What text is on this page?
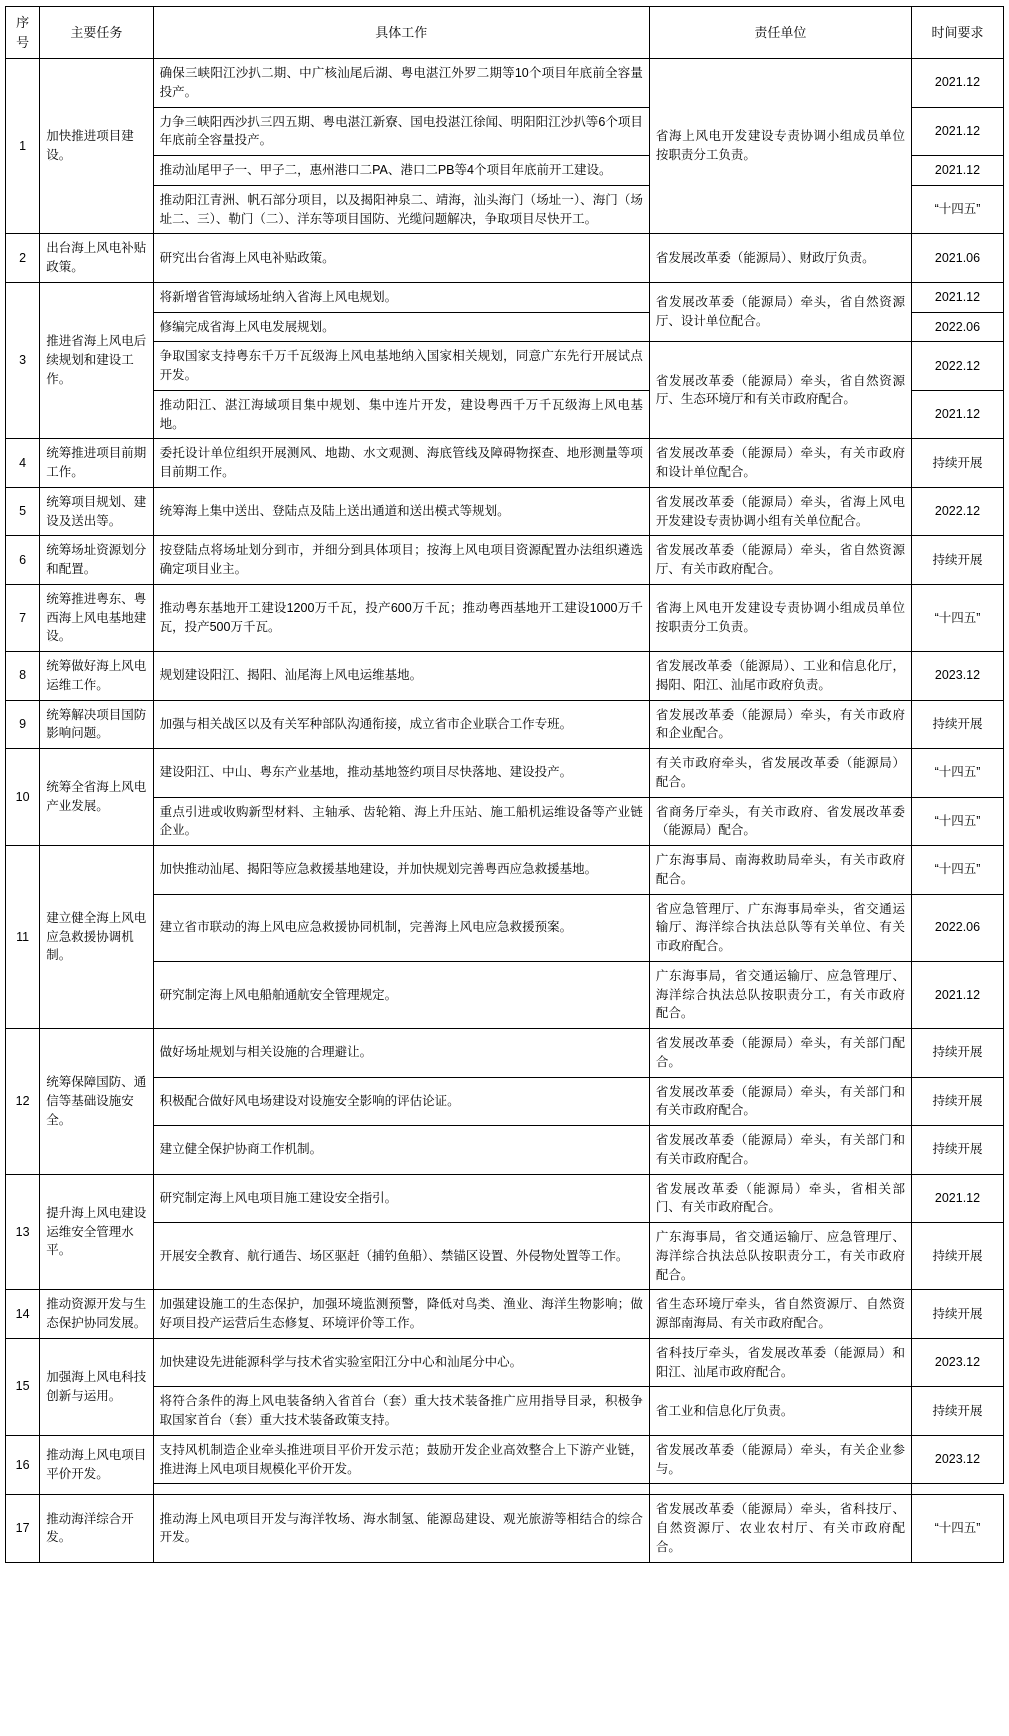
序号	主要任务	具体工作	责任单位	时间要求
1	加快推进项目建设。	确保三峡阳江沙扒二期、中广核汕尾后湖、粤电湛江外罗二期等10个项目年底前全容量投产。	省海上风电开发建设专责协调小组成员单位按职责分工负责。	2021.12
		力争三峡阳西沙扒三四五期、粤电湛江新寮、国电投湛江徐闻、明阳阳江沙扒等6个项目年底前全容量投产。		2021.12
		推动汕尾甲子一、甲子二，惠州港口二PA、港口二PB等4个项目年底前开工建设。		2021.12
		推动阳江青洲、帆石部分项目，以及揭阳神泉二、靖海，汕头海门（场址一）、海门（场址二、三）、勒门（二）、洋东等项目国防、光缆问题解决，争取项目尽快开工。		“十四五”
2	出台海上风电补贴政策。	研究出台省海上风电补贴政策。	省发展改革委（能源局）、财政厅负责。	2021.06
3	推进省海上风电后续规划和建设工作。	将新增省管海域场址纳入省海上风电规划。	省发展改革委（能源局）牵头，省自然资源厅、设计单位配合。	2021.12
		修编完成省海上风电发展规划。		2022.06
		争取国家支持粤东千万千瓦级海上风电基地纳入国家相关规划，同意广东先行开展试点开发。	省发展改革委（能源局）牵头，省自然资源厅、生态环境厅和有关市政府配合。	2022.12
		推动阳江、湛江海域项目集中规划、集中连片开发，建设粤西千万千瓦级海上风电基地。		2021.12
4	统筹推进项目前期工作。	委托设计单位组织开展测风、地勘、水文观测、海底管线及障碍物探查、地形测量等项目前期工作。	省发展改革委（能源局）牵头，有关市政府和设计单位配合。	持续开展
5	统筹项目规划、建设及送出等。	统筹海上集中送出、登陆点及陆上送出通道和送出模式等规划。	省发展改革委（能源局）牵头，省海上风电开发建设专责协调小组有关单位配合。	2022.12
6	统筹场址资源划分和配置。	按登陆点将场址划分到市，并细分到具体项目；按海上风电项目资源配置办法组织遴选确定项目业主。	省发展改革委（能源局）牵头，省自然资源厅、有关市政府配合。	持续开展
7	统筹推进粤东、粤西海上风电基地建设。	推动粤东基地开工建设1200万千瓦，投产600万千瓦；推动粤西基地开工建设1000万千瓦，投产500万千瓦。	省海上风电开发建设专责协调小组成员单位按职责分工负责。	“十四五”
8	统筹做好海上风电运维工作。	规划建设阳江、揭阳、汕尾海上风电运维基地。	省发展改革委（能源局）、工业和信息化厅，揭阳、阳江、汕尾市政府负责。	2023.12
9	统筹解决项目国防影响问题。	加强与相关战区以及有关军种部队沟通衔接，成立省市企业联合工作专班。	省发展改革委（能源局）牵头，有关市政府和企业配合。	持续开展
10	统筹全省海上风电产业发展。	建设阳江、中山、粤东产业基地，推动基地签约项目尽快落地、建设投产。	有关市政府牵头，省发展改革委（能源局）配合。	“十四五”
		重点引进或收购新型材料、主轴承、齿轮箱、海上升压站、施工船机运维设备等产业链企业。	省商务厅牵头，有关市政府、省发展改革委（能源局）配合。	“十四五”
11	建立健全海上风电应急救援协调机制。	加快推动汕尾、揭阳等应急救援基地建设，并加快规划完善粤西应急救援基地。	广东海事局、南海救助局牵头，有关市政府配合。	“十四五”
		建立省市联动的海上风电应急救援协同机制，完善海上风电应急救援预案。	省应急管理厅、广东海事局牵头，省交通运输厅、海洋综合执法总队等有关单位、有关市政府配合。	2022.06
		研究制定海上风电船舶通航安全管理规定。	广东海事局，省交通运输厅、应急管理厅、海洋综合执法总队按职责分工，有关市政府配合。	2021.12
12	统筹保障国防、通信等基础设施安全。	做好场址规划与相关设施的合理避让。	省发展改革委（能源局）牵头，有关部门配合。	持续开展
		积极配合做好风电场建设对设施安全影响的评估论证。	省发展改革委（能源局）牵头，有关部门和有关市政府配合。	持续开展
		建立健全保护协商工作机制。	省发展改革委（能源局）牵头，有关部门和有关市政府配合。	持续开展
13	提升海上风电建设运维安全管理水平。	研究制定海上风电项目施工建设安全指引。	省发展改革委（能源局）牵头，省相关部门、有关市政府配合。	2021.12
		开展安全教育、航行通告、场区驱赶（捕钓鱼船）、禁锚区设置、外侵物处置等工作。	广东海事局，省交通运输厅、应急管理厅、海洋综合执法总队按职责分工，有关市政府配合。	持续开展
14	推动资源开发与生态保护协同发展。	加强建设施工的生态保护，加强环境监测预警，降低对鸟类、渔业、海洋生物影响；做好项目投产运营后生态修复、环境评价等工作。	省生态环境厅牵头，省自然资源厅、自然资源部南海局、有关市政府配合。	持续开展
15	加强海上风电科技创新与运用。	加快建设先进能源科学与技术省实验室阳江分中心和汕尾分中心。	省科技厅牵头，省发展改革委（能源局）和阳江、汕尾市政府配合。	2023.12
		将符合条件的海上风电装备纳入省首台（套）重大技术装备推广应用指导目录，积极争取国家首台（套）重大技术装备政策支持。	省工业和信息化厅负责。	持续开展
16	推动海上风电项目平价开发。	支持风机制造企业牵头推进项目平价开发示范；鼓励开发企业高效整合上下游产业链，推进海上风电项目规模化平价开发。	省发展改革委（能源局）牵头，有关企业参与。	2023.12

17	推动海洋综合开发。	推动海上风电项目开发与海洋牧场、海水制氢、能源岛建设、观光旅游等相结合的综合开发。	省发展改革委（能源局）牵头，省科技厅、自然资源厅、农业农村厅、有关市政府配合。	“十四五”
